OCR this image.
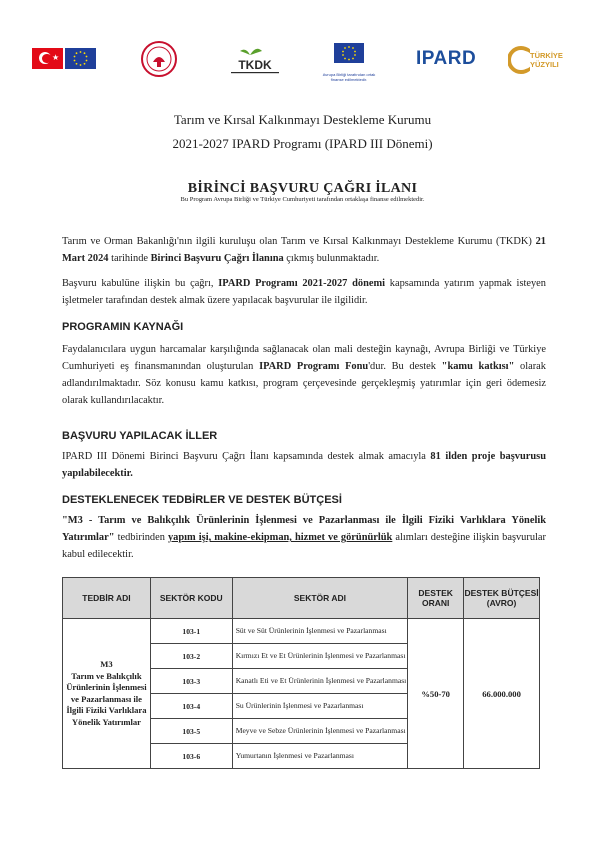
★
TKDK
Avrupa Birliği tarafından ortak finanse edilmektedir.
IPARD	TÜRKİYE
YÜZYILI
Tarım ve Kırsal Kalkınmayı Destekleme Kurumu
2021-2027 IPARD Programı (IPARD III Dönemi)
BİRİNCİ BAŞVURU ÇAĞRI İLANI
Bu Program Avrupa Birliği ve Türkiye Cumhuriyeti tarafından ortaklaşa finanse edilmektedir.
Tarım ve Orman Bakanlığı'nın ilgili kuruluşu olan Tarım ve Kırsal Kalkınmayı Destekleme Kurumu (TKDK) 21 Mart 2024 tarihinde Birinci Başvuru Çağrı İlanına çıkmış bulunmaktadır.
Başvuru kabulüne ilişkin bu çağrı, IPARD Programı 2021-2027 dönemi kapsamında yatırım yapmak isteyen işletmeler tarafından destek almak üzere yapılacak başvurular ile ilgilidir.
PROGRAMIN KAYNAĞI
Faydalanıcılara uygun harcamalar karşılığında sağlanacak olan mali desteğin kaynağı, Avrupa Birliği ve Türkiye Cumhuriyeti eş finansmanından oluşturulan IPARD Programı Fonu'dur. Bu destek "kamu katkısı" olarak adlandırılmaktadır. Söz konusu kamu katkısı, program çerçevesinde gerçekleşmiş yatırımlar için geri ödemesiz olarak kullandırılacaktır.
BAŞVURU YAPILACAK İLLER
IPARD III Dönemi Birinci Başvuru Çağrı İlanı kapsamında destek almak amacıyla 81 ilden proje başvurusu yapılabilecektir.
DESTEKLENECEK TEDBİRLER VE DESTEK BÜTÇESİ
"M3 - Tarım ve Balıkçılık Ürünlerinin İşlenmesi ve Pazarlanması ile İlgili Fiziki Varlıklara Yönelik Yatırımlar" tedbirinden yapım işi, makine-ekipman, hizmet ve görünürlük alımları desteğine ilişkin başvurular kabul edilecektir.
TEDBİR ADI	SEKTÖR KODU	SEKTÖR ADI	DESTEK ORANI	DESTEK BÜTÇESİ (AVRO)
M3
Tarım ve Balıkçılık Ürünlerinin İşlenmesi ve Pazarlanması ile İlgili Fiziki Varlıklara Yönelik Yatırımlar	103-1	Süt ve Süt Ürünlerinin İşlenmesi ve Pazarlanması	%50-70	66.000.000
	103-2	Kırmızı Et ve Et Ürünlerinin İşlenmesi ve Pazarlanması		
	103-3	Kanatlı Eti ve Et Ürünlerinin İşlenmesi ve Pazarlanması		
	103-4	Su Ürünlerinin İşlenmesi ve Pazarlanması		
	103-5	Meyve ve Sebze Ürünlerinin İşlenmesi ve Pazarlanması		
	103-6	Yumurtanın İşlenmesi ve Pazarlanması		
